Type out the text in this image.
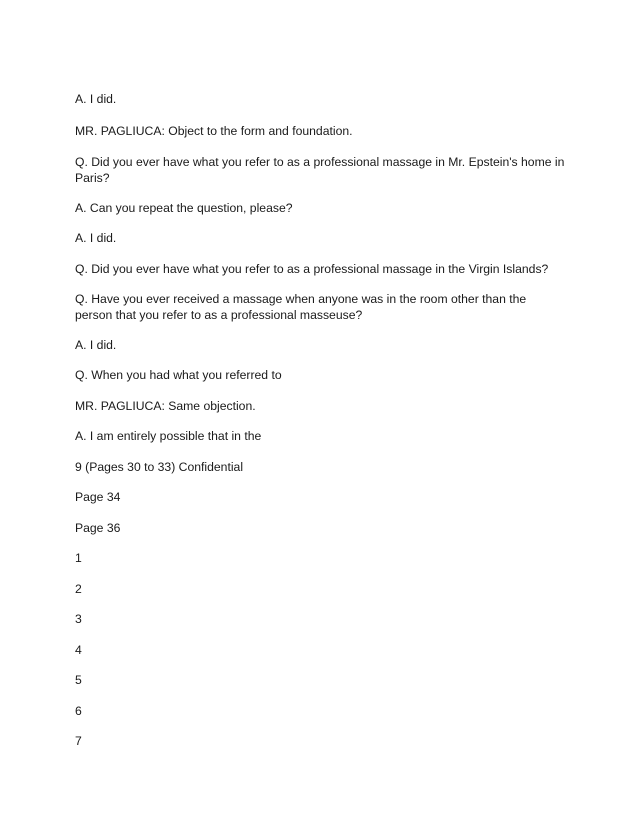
A. I did.

MR. PAGLIUCA: Object to the form and foundation.

Q. Did you ever have what you refer to as a professional massage in Mr. Epstein's home in Paris?

A. Can you repeat the question, please?

A. I did.

Q. Did you ever have what you refer to as a professional massage in the Virgin Islands?

Q. Have you ever received a massage when anyone was in the room other than the person that you refer to as a professional masseuse?

A. I did.

Q. When you had what you referred to

MR. PAGLIUCA: Same objection.

A. I am entirely possible that in the

9 (Pages 30 to 33) Confidential

Page 34

Page 36

1

2

3

4

5

6

7
